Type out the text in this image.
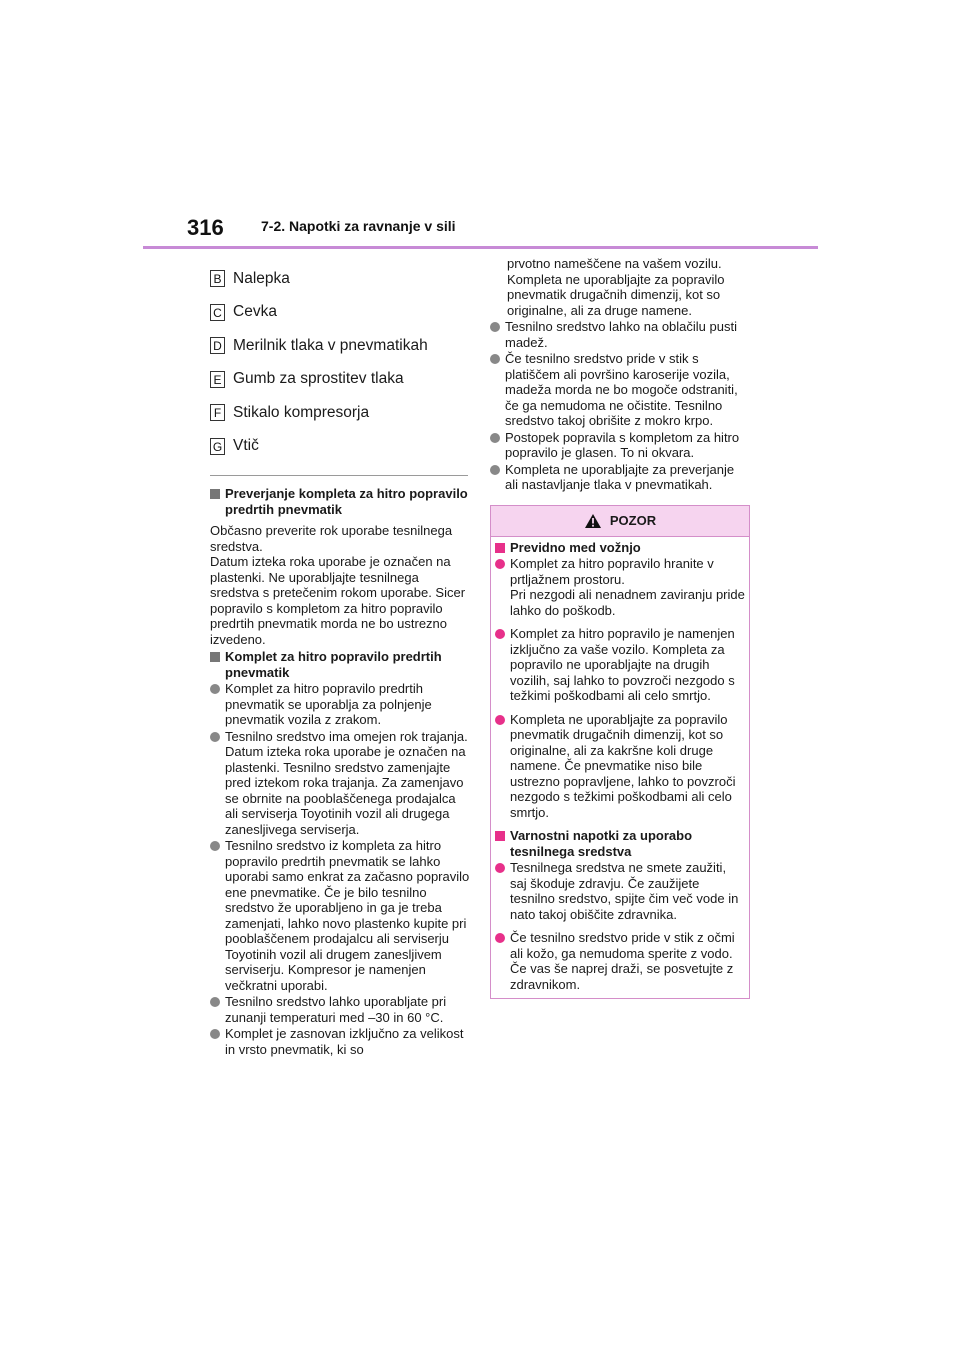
316	7-2. Napotki za ravnanje v sili
B Nalepka
C Cevka
D Merilnik tlaka v pnevmatikah
E Gumb za sprostitev tlaka
F Stikalo kompresorja
G Vtič
Preverjanje kompleta za hitro popravilo predrtih pnevmatik

Občasno preverite rok uporabe tesnilnega sredstva.

Datum izteka roka uporabe je označen na plastenki. Ne uporabljajte tesnilnega sredstva s pretečenim rokom uporabe. Sicer popravilo s kompletom za hitro popravilo predrtih pnevmatik morda ne bo ustrezno izvedeno.

Komplet za hitro popravilo predrtih pnevmatik
Komplet za hitro popravilo predrtih pnevmatik se uporablja za polnjenje pnevmatik vozila z zrakom.
Tesnilno sredstvo ima omejen rok trajanja. Datum izteka roka uporabe je označen na plastenki. Tesnilno sredstvo zamenjajte pred iztekom roka trajanja. Za zamenjavo se obrnite na pooblaščenega prodajalca ali serviserja Toyotinih vozil ali drugega zanesljivega serviserja.
Tesnilno sredstvo iz kompleta za hitro popravilo predrtih pnevmatik se lahko uporabi samo enkrat za začasno popravilo ene pnevmatike. Če je bilo tesnilno sredstvo že uporabljeno in ga je treba zamenjati, lahko novo plastenko kupite pri pooblaščenem prodajalcu ali serviserju Toyotinih vozil ali drugem zanesljivem serviserju. Kompresor je namenjen večkratni uporabi.
Tesnilno sredstvo lahko uporabljate pri zunanji temperaturi med –30 in 60 °C.
Komplet je zasnovan izključno za velikost in vrsto pnevmatik, ki so
prvotno nameščene na vašem vozilu. Kompleta ne uporabljajte za popravilo pnevmatik drugačnih dimenzij, kot so originalne, ali za druge namene.
Tesnilno sredstvo lahko na oblačilu pusti madež.
Če tesnilno sredstvo pride v stik s platiščem ali površino karoserije vozila, madeža morda ne bo mogoče odstraniti, če ga nemudoma ne očistite. Tesnilno sredstvo takoj obrišite z mokro krpo.
Postopek popravila s kompletom za hitro popravilo je glasen. To ni okvara.
Kompleta ne uporabljajte za preverjanje ali nastavljanje tlaka v pnevmatikah.
POZOR
Previdno med vožnjo
Komplet za hitro popravilo hranite v prtljažnem prostoru.
Pri nezgodi ali nenadnem zaviranju pride lahko do poškodb.
Komplet za hitro popravilo je namenjen izključno za vaše vozilo. Kompleta za popravilo ne uporabljajte na drugih vozilih, saj lahko to povzroči nezgodo s težkimi poškodbami ali celo smrtjo.
Kompleta ne uporabljajte za popravilo pnevmatik drugačnih dimenzij, kot so originalne, ali za kakršne koli druge namene. Če pnevmatike niso bile ustrezno popravljene, lahko to povzroči nezgodo s težkimi poškodbami ali celo smrtjo.
Varnostni napotki za uporabo tesnilnega sredstva
Tesnilnega sredstva ne smete zaužiti, saj škoduje zdravju. Če zaužijete tesnilno sredstvo, spijte čim več vode in nato takoj obiščite zdravnika.
Če tesnilno sredstvo pride v stik z očmi ali kožo, ga nemudoma sperite z vodo. Če vas še naprej draži, se posvetujte z zdravnikom.
